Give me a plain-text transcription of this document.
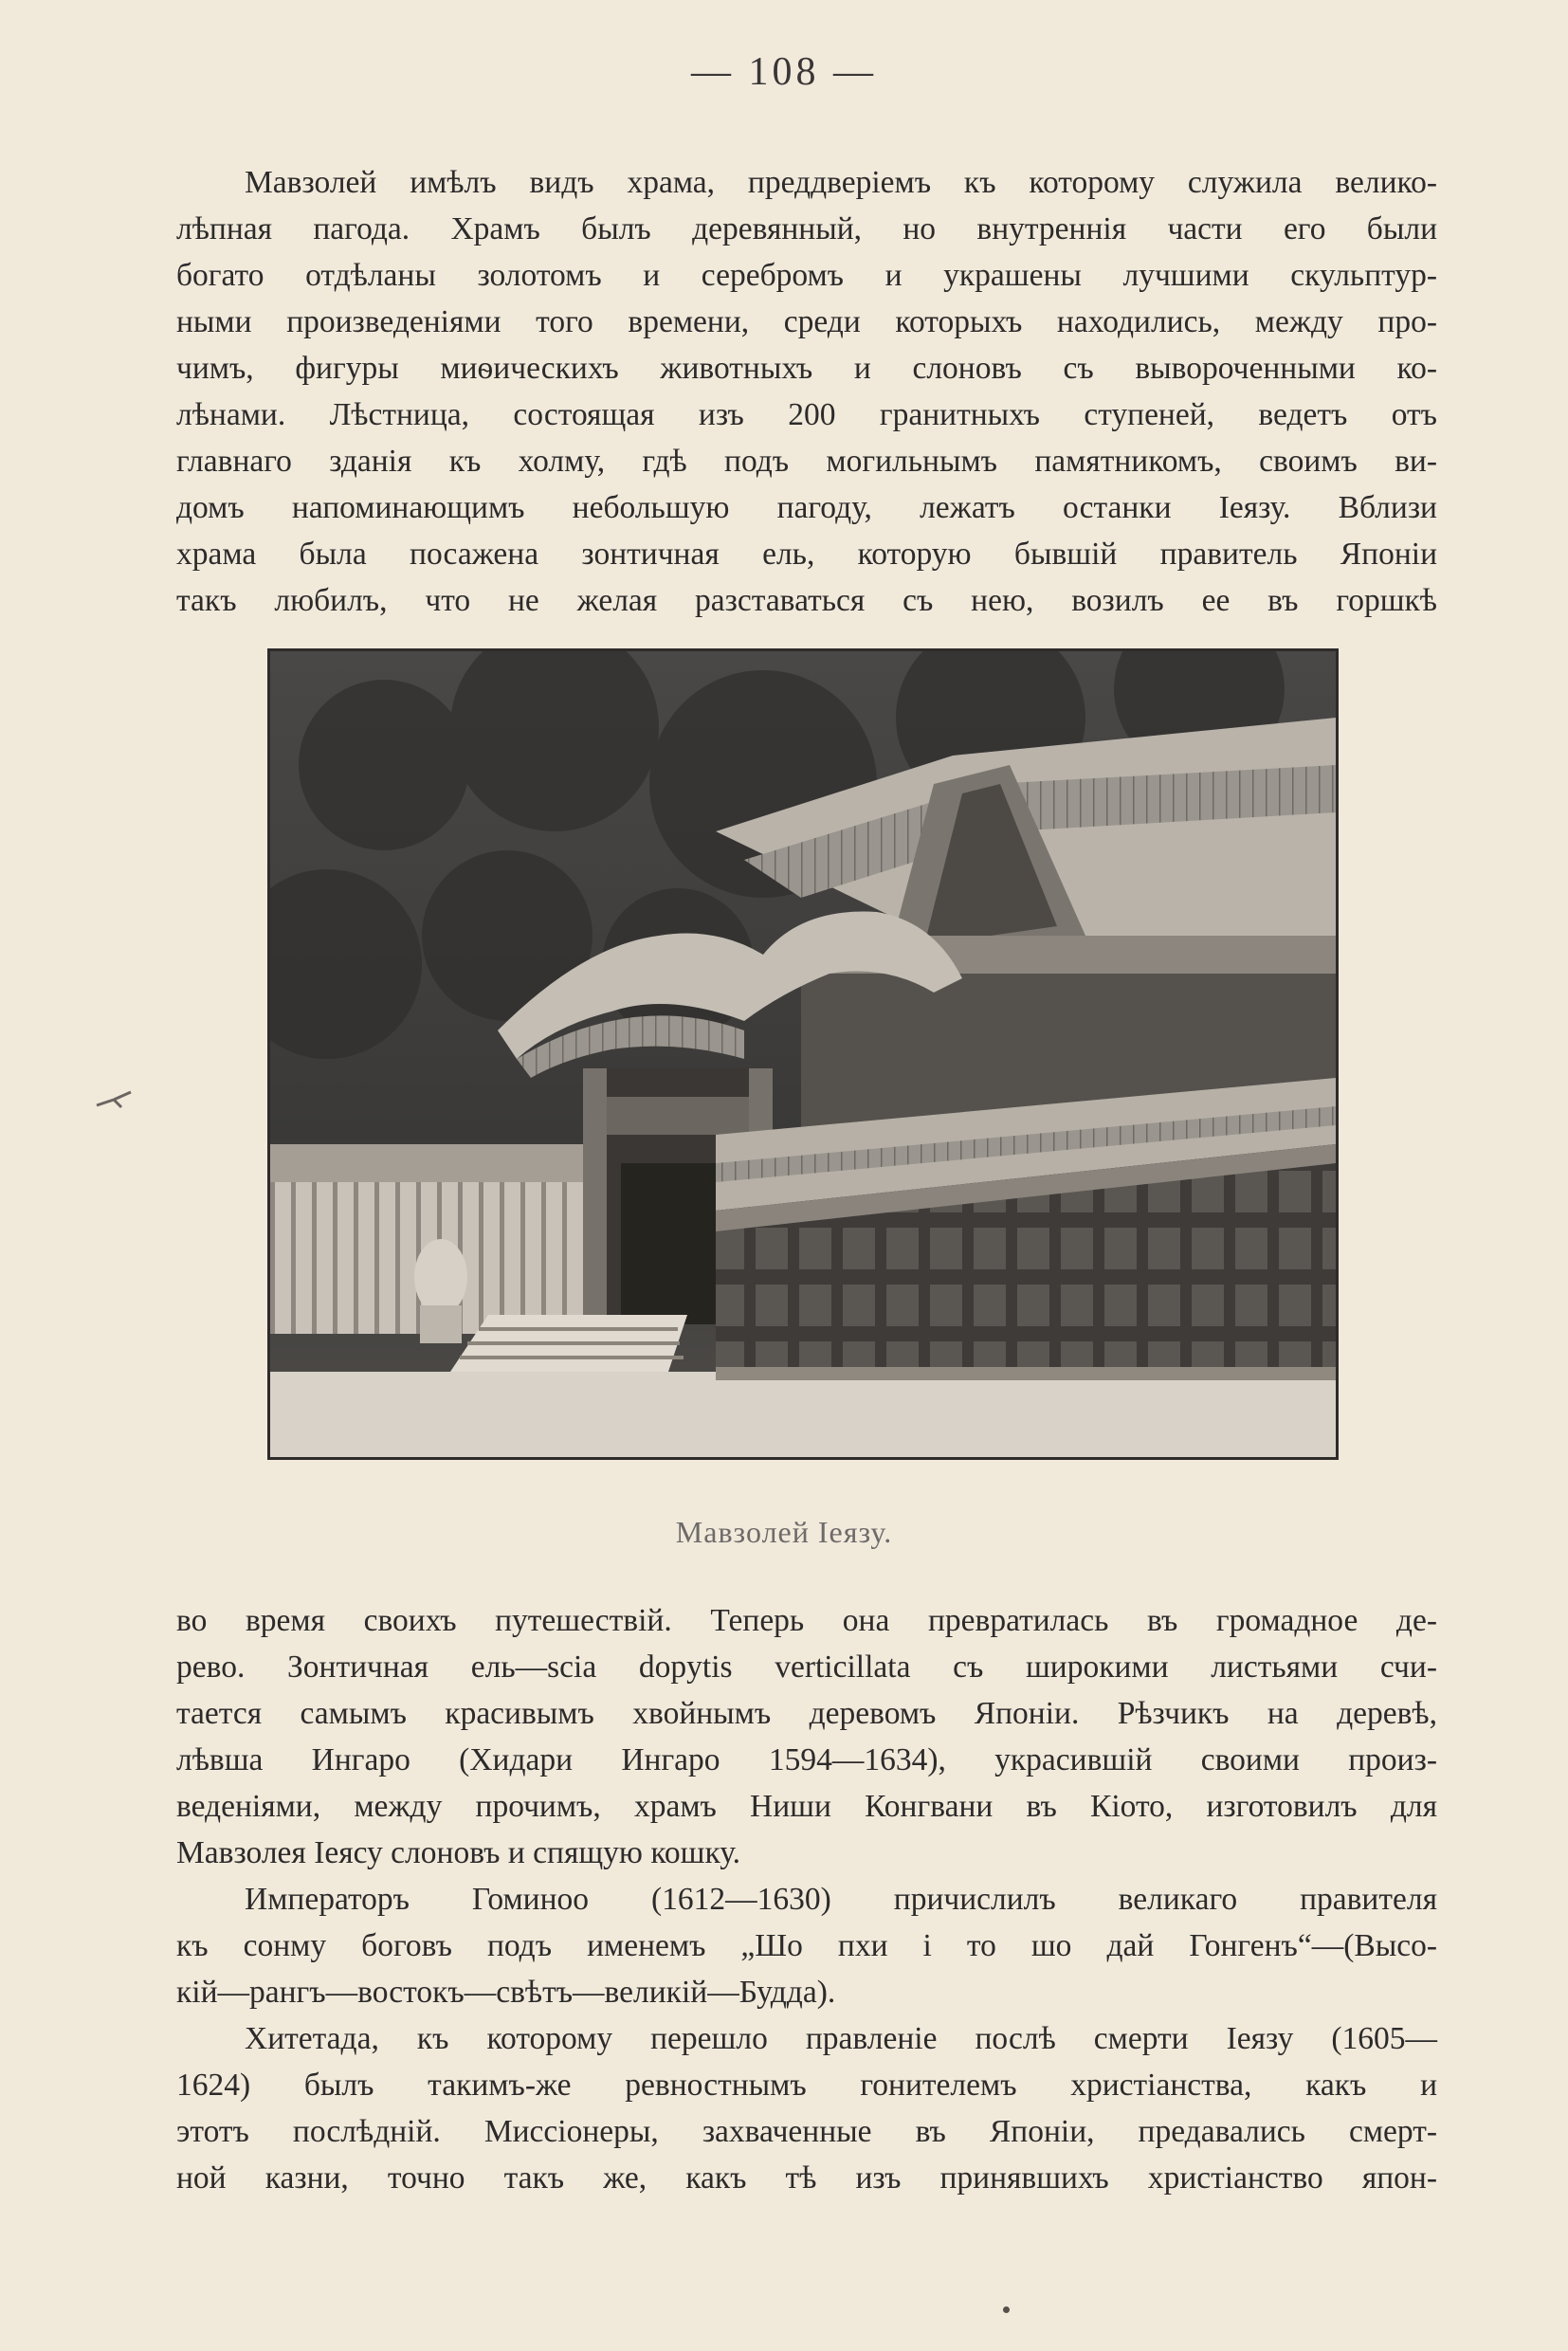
— 108 —
Мавзолей имѣлъ видъ храма, преддверіемъ къ которому служила велико-
лѣпная пагода. Храмъ былъ деревянный, но внутреннія части его были
богато отдѣланы золотомъ и серебромъ и украшены лучшими скульптур-
ными произведеніями того времени, среди которыхъ находились, между про-
чимъ, фигуры миѳическихъ животныхъ и слоновъ съ вывороченными ко-
лѣнами. Лѣстница, состоящая изъ 200 гранитныхъ ступеней, ведетъ отъ
главнаго зданія къ холму, гдѣ подъ могильнымъ памятникомъ, своимъ ви-
домъ напоминающимъ небольшую пагоду, лежатъ останки Іеязу. Вблизи
храма была посажена зонтичная ель, которую бывшій правитель Японіи
такъ любилъ, что не желая разставаться съ нею, возилъ ее въ горшкѣ
Мавзолей Іеязу.
во время своихъ путешествій. Теперь она превратилась въ громадное де-
рево. Зонтичная ель—scia dopytis verticillata съ широкими листьями счи-
тается самымъ красивымъ хвойнымъ деревомъ Японіи. Рѣзчикъ на деревѣ,
лѣвша Ингаро (Хидари Ингаро 1594—1634), украсившій своими произ-
веденіями, между прочимъ, храмъ Ниши Конгвани въ Кіото, изготовилъ для
Мавзолея Іеясу слоновъ и спящую кошку.
Императоръ Гоминоо (1612—1630) причислилъ великаго правителя
къ сонму боговъ подъ именемъ „Шо пхи і то шо дай Гонгенъ“—(Высо-
кій—рангъ—востокъ—свѣтъ—великій—Будда).
Хитетада, къ которому перешло правленіе послѣ смерти Іеязу (1605—
1624) былъ такимъ-же ревностнымъ гонителемъ христіанства, какъ и
этотъ послѣдній. Миссіонеры, захваченные въ Японіи, предавались смерт-
ной казни, точно такъ же, какъ тѣ изъ принявшихъ христіанство япон-
